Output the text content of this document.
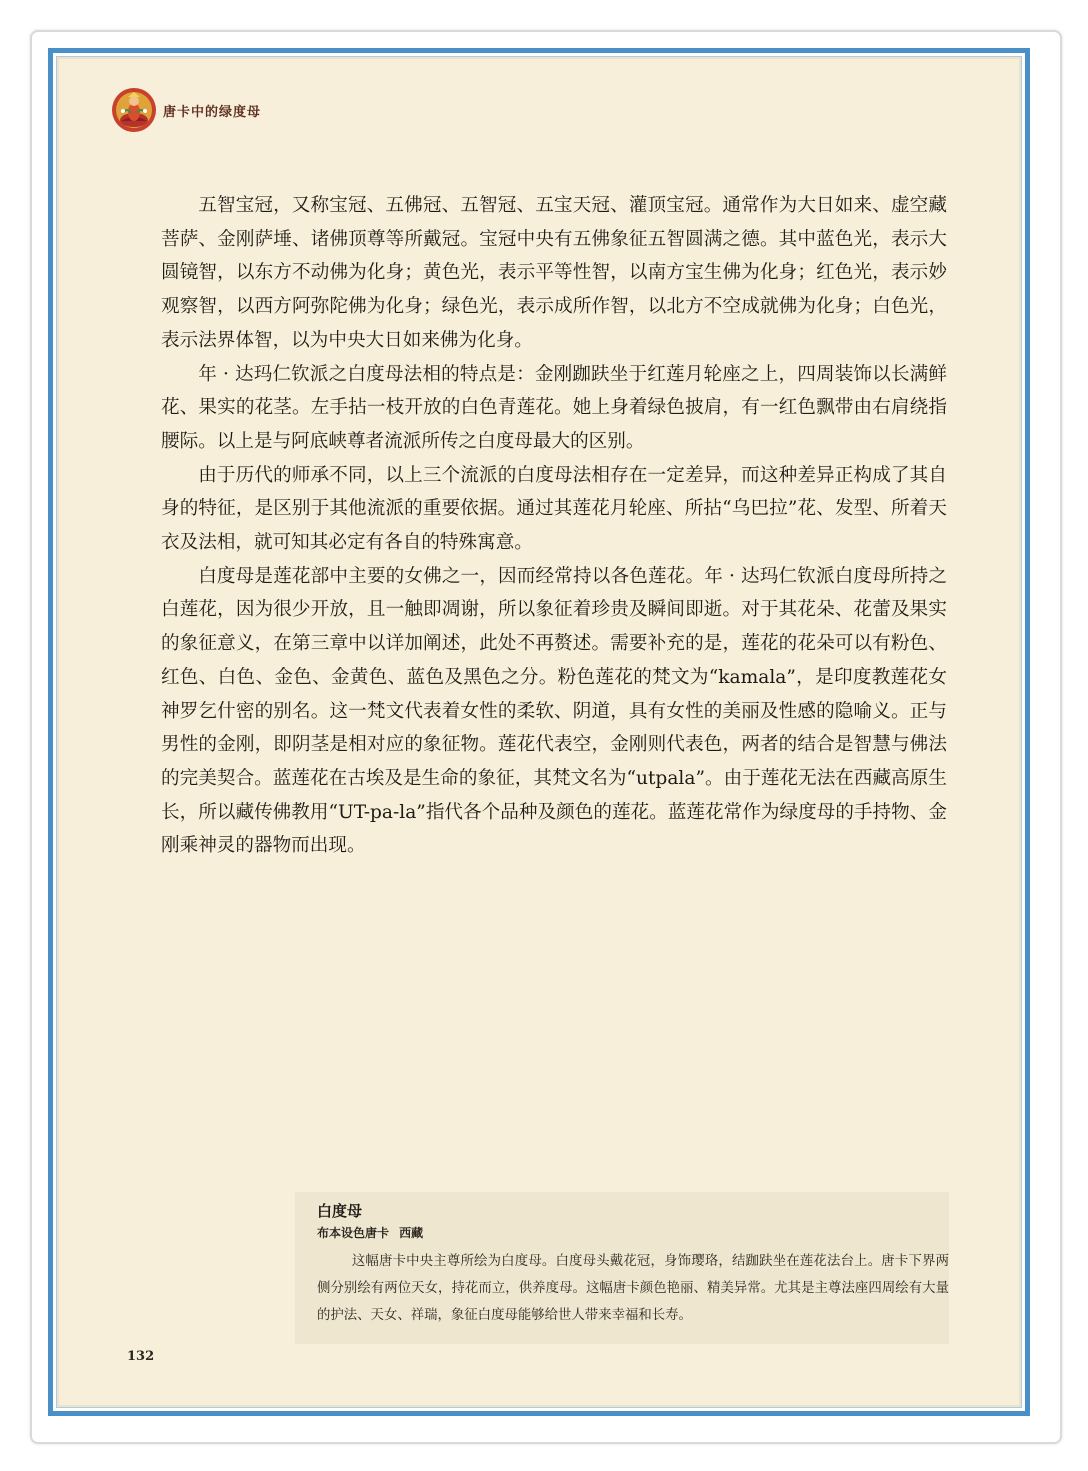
唐卡中的绿度母

五智宝冠，又称宝冠、五佛冠、五智冠、五宝天冠、灌顶宝冠。通常作为大日如来、虚空藏菩萨、金刚萨埵、诸佛顶尊等所戴冠。宝冠中央有五佛象征五智圆满之德。其中蓝色光，表示大圆镜智，以东方不动佛为化身；黄色光，表示平等性智，以南方宝生佛为化身；红色光，表示妙观察智，以西方阿弥陀佛为化身；绿色光，表示成所作智，以北方不空成就佛为化身；白色光，表示法界体智，以为中央大日如来佛为化身。

年 · 达玛仁钦派之白度母法相的特点是：金刚跏趺坐于红莲月轮座之上，四周装饰以长满鲜花、果实的花茎。左手拈一枝开放的白色青莲花。她上身着绿色披肩，有一红色飘带由右肩绕指腰际。以上是与阿底峡尊者流派所传之白度母最大的区别。

由于历代的师承不同，以上三个流派的白度母法相存在一定差异，而这种差异正构成了其自身的特征，是区别于其他流派的重要依据。通过其莲花月轮座、所拈“乌巴拉”花、发型、所着天衣及法相，就可知其必定有各自的特殊寓意。

白度母是莲花部中主要的女佛之一，因而经常持以各色莲花。年 · 达玛仁钦派白度母所持之白莲花，因为很少开放，且一触即凋谢，所以象征着珍贵及瞬间即逝。对于其花朵、花蕾及果实的象征意义，在第三章中以详加阐述，此处不再赘述。需要补充的是，莲花的花朵可以有粉色、红色、白色、金色、金黄色、蓝色及黑色之分。粉色莲花的梵文为“kamala”，是印度教莲花女神罗乞什密的别名。这一梵文代表着女性的柔软、阴道，具有女性的美丽及性感的隐喻义。正与男性的金刚，即阴茎是相对应的象征物。莲花代表空，金刚则代表色，两者的结合是智慧与佛法的完美契合。蓝莲花在古埃及是生命的象征，其梵文名为“utpala”。由于莲花无法在西藏高原生长，所以藏传佛教用“UT-pa-la”指代各个品种及颜色的莲花。蓝莲花常作为绿度母的手持物、金刚乘神灵的器物而出现。

白度母
布本设色唐卡 西藏

这幅唐卡中央主尊所绘为白度母。白度母头戴花冠，身饰璎珞，结跏趺坐在莲花法台上。唐卡下界两侧分别绘有两位天女，持花而立，供养度母。这幅唐卡颜色艳丽、精美异常。尤其是主尊法座四周绘有大量的护法、天女、祥瑞，象征白度母能够给世人带来幸福和长寿。

132
